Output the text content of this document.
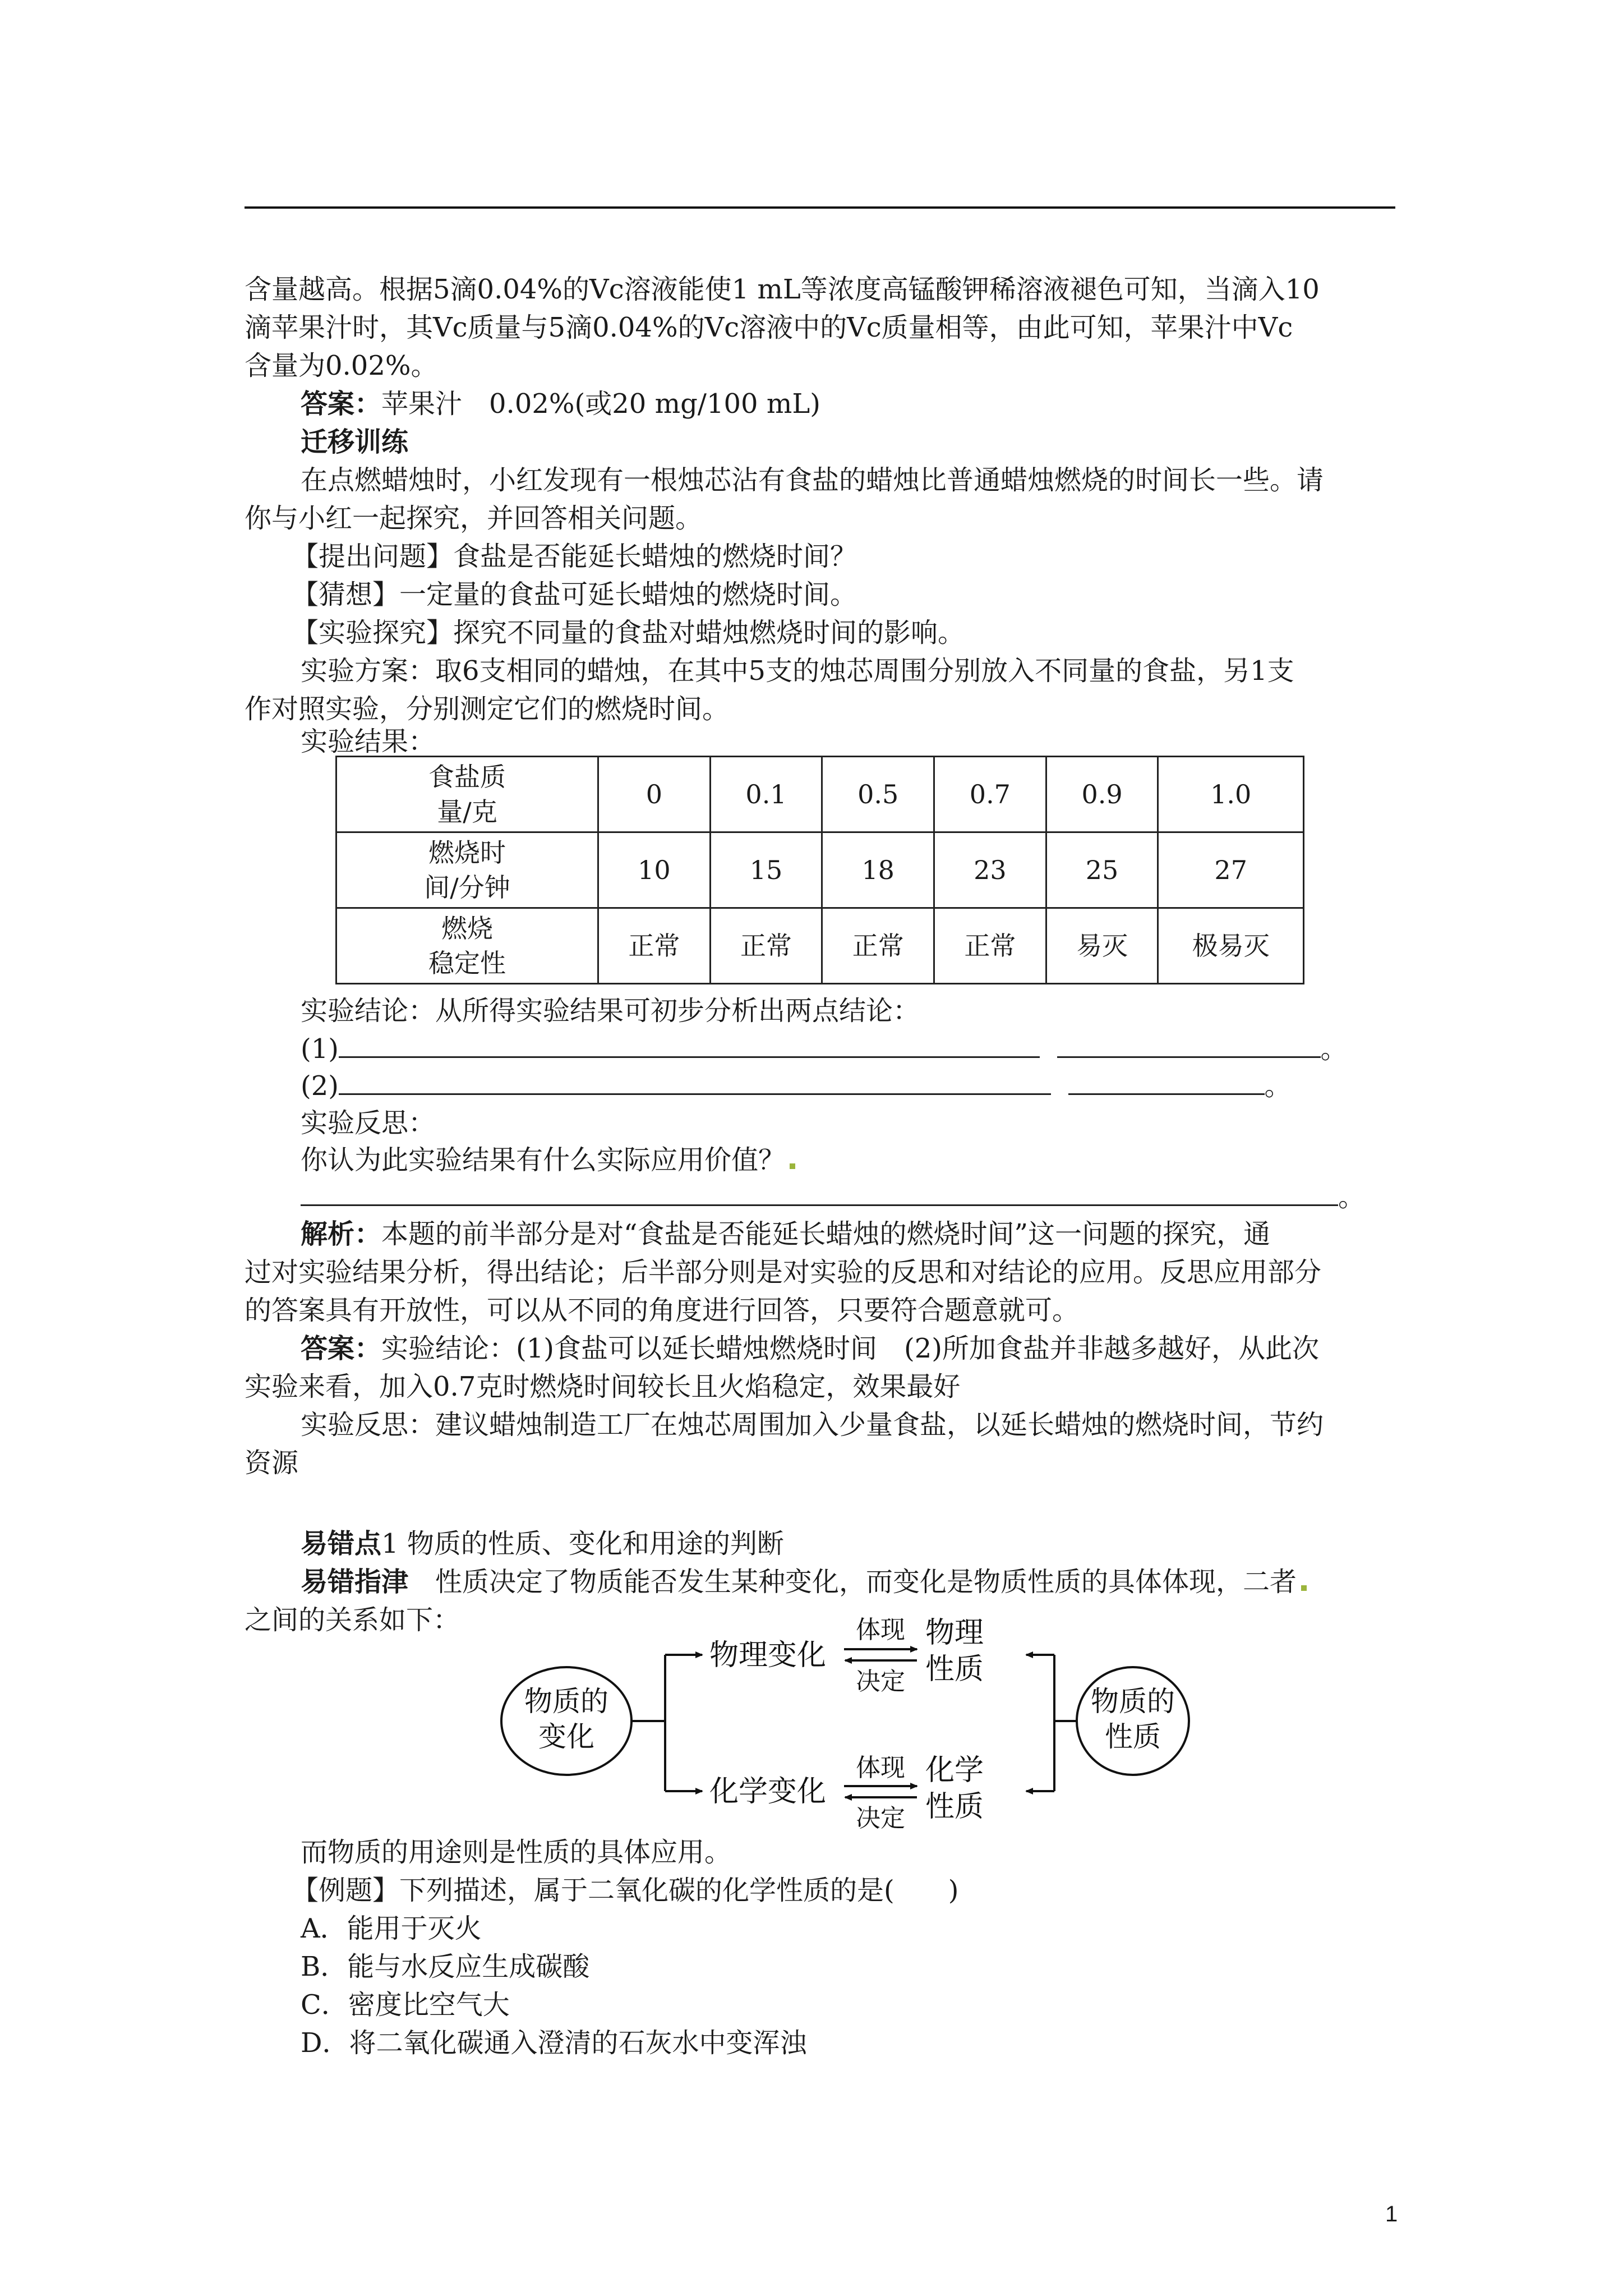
含量越高。根据5滴0.04%的Vc溶液能使1 mL等浓度高锰酸钾稀溶液褪色可知，当滴入10
滴苹果汁时，其Vc质量与5滴0.04%的Vc溶液中的Vc质量相等，由此可知，苹果汁中Vc
含量为0.02%。
答案：苹果汁　0.02%(或20 mg/100 mL)
迁移训练
在点燃蜡烛时，小红发现有一根烛芯沾有食盐的蜡烛比普通蜡烛燃烧的时间长一些。请
你与小红一起探究，并回答相关问题。
【提出问题】食盐是否能延长蜡烛的燃烧时间？
【猜想】一定量的食盐可延长蜡烛的燃烧时间。
【实验探究】探究不同量的食盐对蜡烛燃烧时间的影响。
实验方案：取6支相同的蜡烛，在其中5支的烛芯周围分别放入不同量的食盐，另1支
作对照实验，分别测定它们的燃烧时间。
实验结果：
食盐质
量/克	0	0.1	0.5	0.7	0.9	1.0
燃烧时
间/分钟	10	15	18	23	25	27
燃烧
稳定性	正常	正常	正常	正常	易灭	极易灭
实验结论：从所得实验结果可初步分析出两点结论：
(1)	。
(2)	。
实验反思：
你认为此实验结果有什么实际应用价值？
。
解析：本题的前半部分是对“食盐是否能延长蜡烛的燃烧时间”这一问题的探究，通
过对实验结果分析，得出结论；后半部分则是对实验的反思和对结论的应用。反思应用部分
的答案具有开放性，可以从不同的角度进行回答，只要符合题意就可。
答案：实验结论：(1)食盐可以延长蜡烛燃烧时间　(2)所加食盐并非越多越好，从此次
实验来看，加入0.7克时燃烧时间较长且火焰稳定，效果最好
实验反思：建议蜡烛制造工厂在烛芯周围加入少量食盐，以延长蜡烛的燃烧时间，节约
资源
易错点1 物质的性质、变化和用途的判断
易错指津　性质决定了物质能否发生某种变化，而变化是物质性质的具体体现，二者
之间的关系如下：
物质的
变化
物理变化
化学变化
体现
决定
体现
决定
物理
性质
化学
性质
物质的
性质
而物质的用途则是性质的具体应用。
【例题】下列描述，属于二氧化碳的化学性质的是(　　)
A．能用于灭火
B．能与水反应生成碳酸
C．密度比空气大
D．将二氧化碳通入澄清的石灰水中变浑浊
1
